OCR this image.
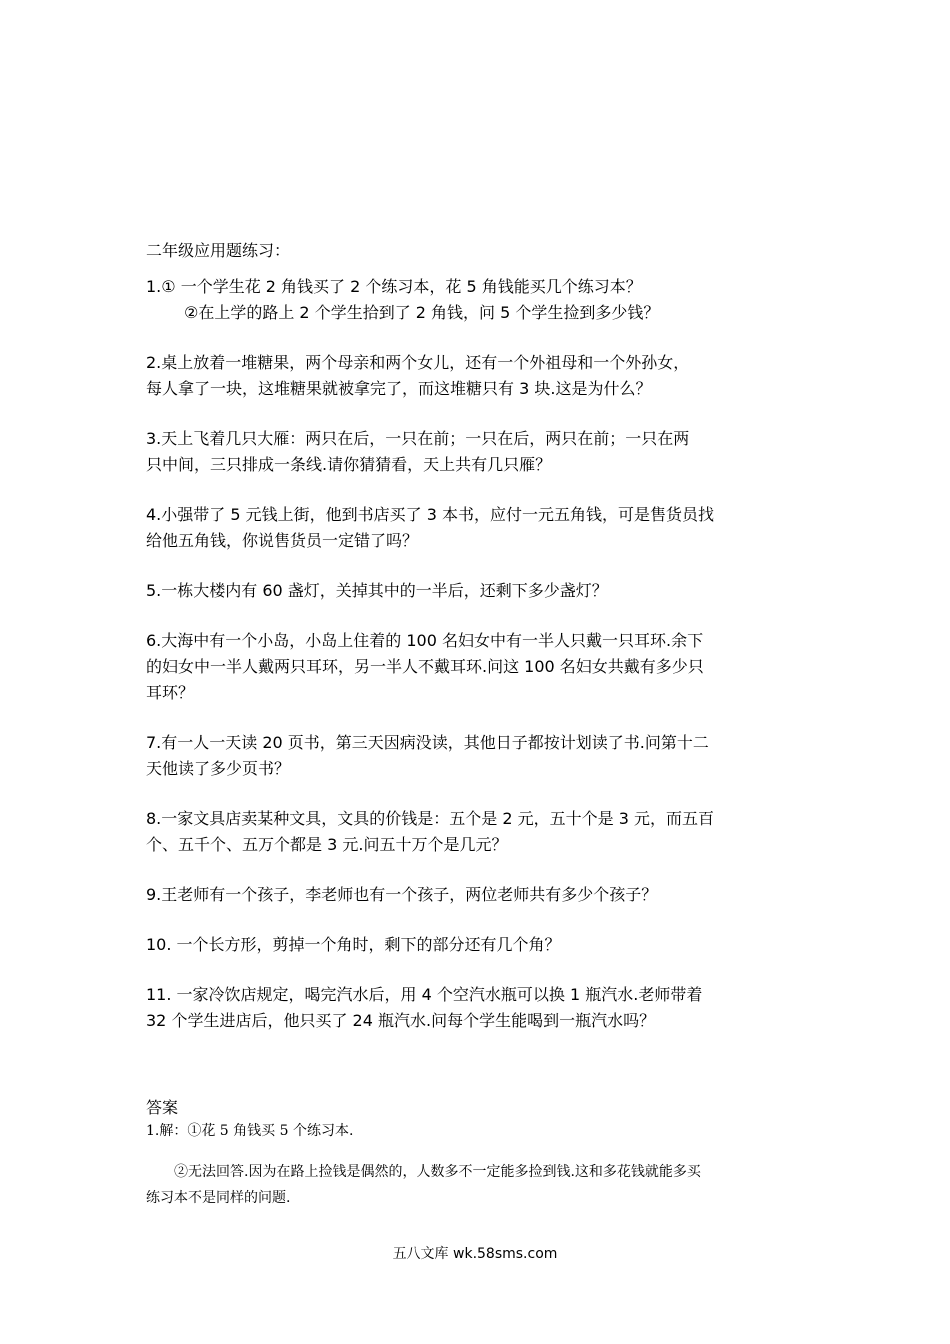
二年级应用题练习：

1.① 一个学生花 2 角钱买了 2 个练习本，花 5 角钱能买几个练习本？
②在上学的路上 2 个学生拾到了 2 角钱，问 5 个学生捡到多少钱？
2.桌上放着一堆糖果，两个母亲和两个女儿，还有一个外祖母和一个外孙女，
每人拿了一块，这堆糖果就被拿完了，而这堆糖只有 3 块.这是为什么？
3.天上飞着几只大雁：两只在后，一只在前；一只在后，两只在前；一只在两
只中间，三只排成一条线.请你猜猜看，天上共有几只雁？
4.小强带了 5 元钱上街，他到书店买了 3 本书，应付一元五角钱，可是售货员找
给他五角钱，你说售货员一定错了吗？
5.一栋大楼内有 60 盏灯，关掉其中的一半后，还剩下多少盏灯？
6.大海中有一个小岛，小岛上住着的 100 名妇女中有一半人只戴一只耳环.余下
的妇女中一半人戴两只耳环，另一半人不戴耳环.问这 100 名妇女共戴有多少只
耳环？
7.有一人一天读 20 页书，第三天因病没读，其他日子都按计划读了书.问第十二
天他读了多少页书？
8.一家文具店卖某种文具，文具的价钱是：五个是 2 元，五十个是 3 元，而五百
个、五千个、五万个都是 3 元.问五十万个是几元？
9.王老师有一个孩子，李老师也有一个孩子，两位老师共有多少个孩子？
10. 一个长方形，剪掉一个角时，剩下的部分还有几个角？
11. 一家冷饮店规定，喝完汽水后，用 4 个空汽水瓶可以换 1 瓶汽水.老师带着
32 个学生进店后，他只买了 24 瓶汽水.问每个学生能喝到一瓶汽水吗？

答案

1.解：①花 5 角钱买 5 个练习本.

②无法回答.因为在路上捡钱是偶然的，人数多不一定能多捡到钱.这和多花钱就能多买
练习本不是同样的问题.
五八文库 wk.58sms.com
